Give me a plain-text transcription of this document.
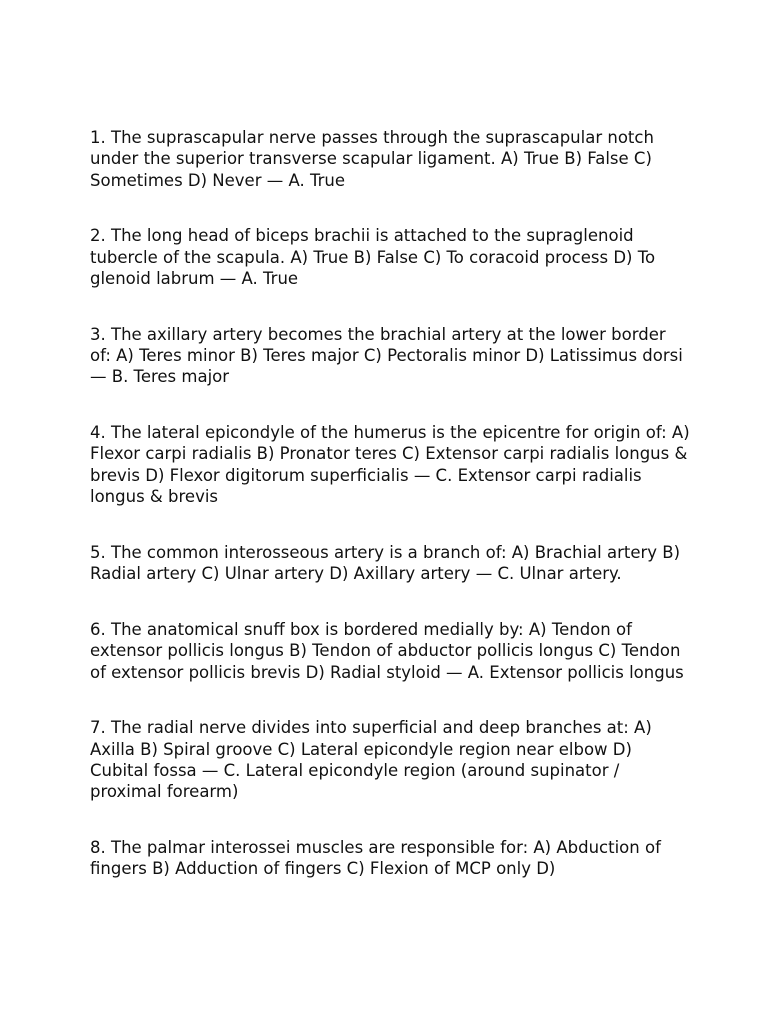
1. The suprascapular nerve passes through the suprascapular notch under the superior transverse scapular ligament. A) True B) False C) Sometimes D) Never — A. True

2. The long head of biceps brachii is attached to the supraglenoid tubercle of the scapula. A) True B) False C) To coracoid process D) To glenoid labrum — A. True

3. The axillary artery becomes the brachial artery at the lower border of: A) Teres minor B) Teres major C) Pectoralis minor D) Latissimus dorsi — B. Teres major

4. The lateral epicondyle of the humerus is the epicentre for origin of: A) Flexor carpi radialis B) Pronator teres C) Extensor carpi radialis longus & brevis D) Flexor digitorum superficialis — C. Extensor carpi radialis longus & brevis

5. The common interosseous artery is a branch of: A) Brachial artery B) Radial artery C) Ulnar artery D) Axillary artery — C. Ulnar artery.

6. The anatomical snuff box is bordered medially by: A) Tendon of extensor pollicis longus B) Tendon of abductor pollicis longus C) Tendon of extensor pollicis brevis D) Radial styloid — A. Extensor pollicis longus

7. The radial nerve divides into superficial and deep branches at: A) Axilla B) Spiral groove C) Lateral epicondyle region near elbow D) Cubital fossa — C. Lateral epicondyle region (around supinator / proximal forearm)

8. The palmar interossei muscles are responsible for: A) Abduction of fingers B) Adduction of fingers C) Flexion of MCP only D)
